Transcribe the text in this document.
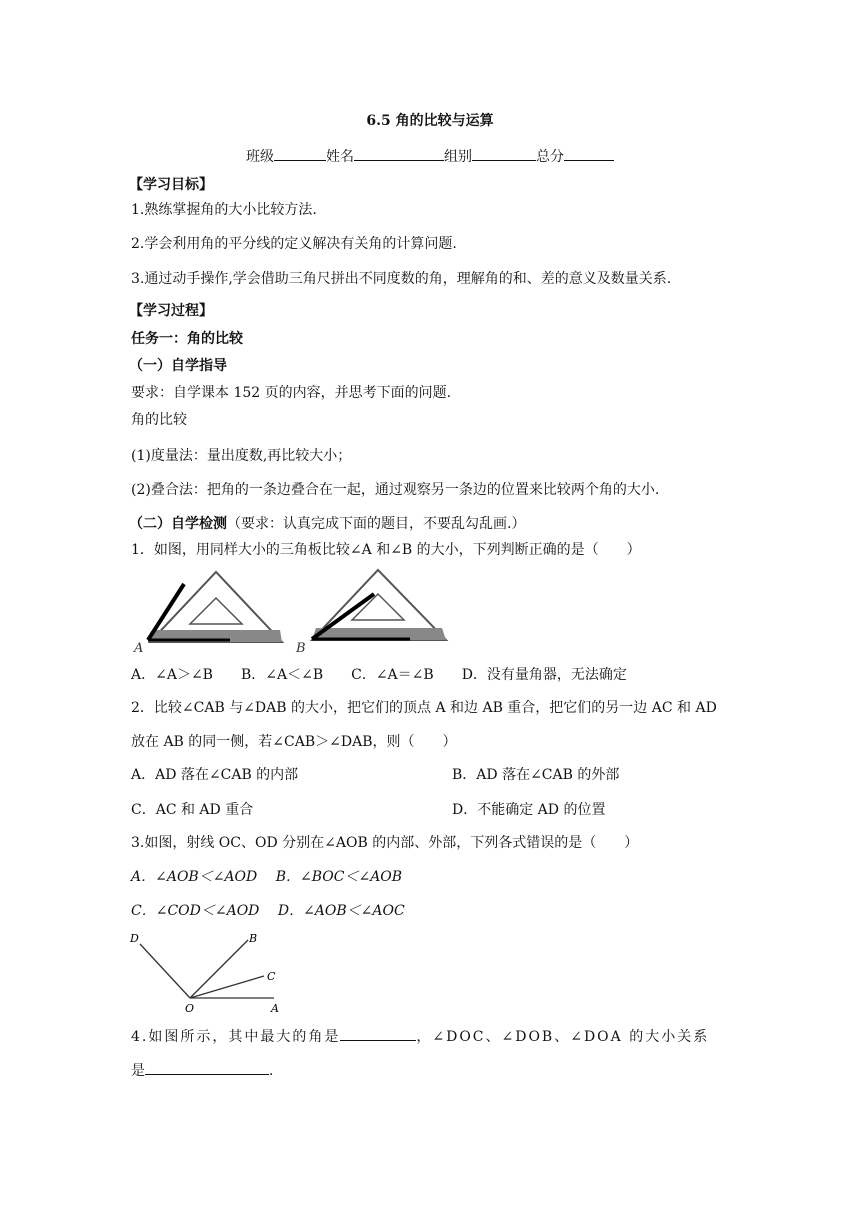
6.5 角的比较与运算
班级	姓名	组别	总分
【学习目标】
1.熟练掌握角的大小比较方法.
2.学会利用角的平分线的定义解决有关角的计算问题.
3.通过动手操作,学会借助三角尺拼出不同度数的角，理解角的和、差的意义及数量关系.
【学习过程】
任务一：角的比较
（一）自学指导
要求：自学课本 152 页的内容，并思考下面的问题.
角的比较
(1)度量法：量出度数,再比较大小；
(2)叠合法：把角的一条边叠合在一起，通过观察另一条边的位置来比较两个角的大小.
（二）自学检测（要求：认真完成下面的题目，不要乱勾乱画.）
1．如图，用同样大小的三角板比较∠A 和∠B 的大小，下列判断正确的是（　　）
A	B
A．∠A＞∠B　　B．∠A＜∠B　　C．∠A＝∠B　　D．没有量角器，无法确定
2．比较∠CAB 与∠DAB 的大小，把它们的顶点 A 和边 AB 重合，把它们的另一边 AC 和 AD
放在 AB 的同一侧，若∠CAB＞∠DAB，则（　　）
A．AD 落在∠CAB 的内部	B．AD 落在∠CAB 的外部
C．AC 和 AD 重合	D．不能确定 AD 的位置
3.如图，射线 OC、OD 分别在∠AOB 的内部、外部，下列各式错误的是（　　）
A．∠AOB＜∠AOD　 B．∠BOC＜∠AOB
C．∠COD＜∠AOD　 D．∠AOB＜∠AOC
D	B
C
O	A
4.如图所示，其中最大的角是	，∠DOC、∠DOB、∠DOA 的大小关系
是	.
